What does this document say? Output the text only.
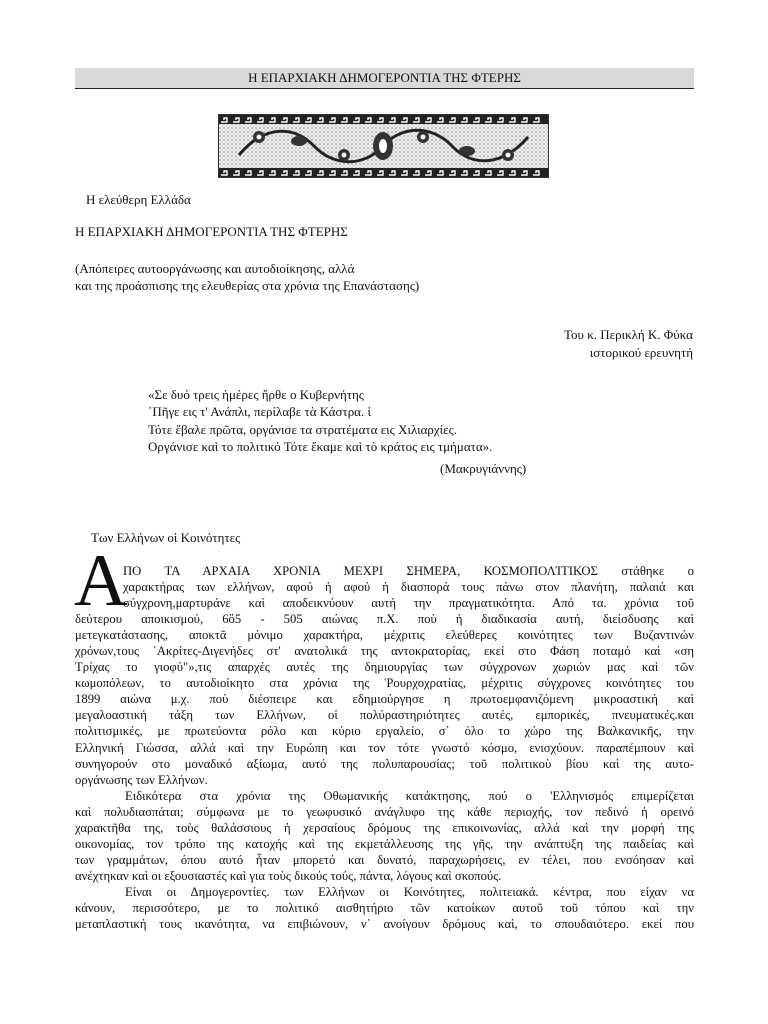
Η ΕΠΑΡΧΙΑΚΗ ΔΗΜΟΓΕΡΟΝΤΙΑ ΤΗΣ ΦΤΕΡΗΣ
Η ελεύθερη Ελλάδα
Η ΕΠΑΡΧΙΑΚΗ ΔΗΜΟΓΕΡΟΝΤΙΑ ΤΗΣ ΦΤΕΡΗΣ
(Απόπειρες αυτοοργάνωσης και αυτοδιοίκησης, αλλά
και της προάσπισης της ελευθερίας στα χρόνια της Επανάστασης)
Του κ. Περικλή Κ. Φύκα
ιστορικού ερευνητή
«Σε δυό τρεις ἡμέρες ἤρθε ο Κυβερνήτης
᾽Πῆγε εις τ' Ανάπλι, περίλαβε τὰ Κάστρα. ἱ
Τότε ἔβαλε πρῶτα, οργάνισε τα στρατέματα εις Χιλιαρχίες.
Οργάνισε καὶ το πολιτικό Τότε ἔκαμε καὶ τὸ κράτος εις τμήματα».
(Μακρυγιάννης)
Των Ελλήνων οἱ Κοινότητες
Α
ΠΟ ΤΑ ΑΡΧΑΙΑ ΧΡΟΝΙΑ ΜΕΧΡΙ ΣΗΜΕΡΑ, ΚΟΣΜΟΠΟΛΊΤΙΚΟΣ στάθηκε ο
χαρακτήρας των ελλήνων, αφού ἡ αφού ἡ διασπορά τους πάνω στον πλανήτη, παλαιά και
σύγχρονη,μαρτυράνε καὶ αποδεικνύουν αυτή την πραγματικότητα. Από τα. χρόνια τοῦ
δεύτερου αποικισμού, 6ὃ5 - 505 αιώνας π.Χ. ποὺ ἡ διαδικασία αυτή, διείσδυσης καὶ
μετεγκατάστασης, αποκτᾶ μόνιμο χαρακτήρα, μέχριτις ελεύθερες κοινότητες των Βυζαντινών
χρόνων,τους ᾽Ακρίτες-Διγενήδες στ' ανατολικά της αντοκρατορίας, εκεί στο Φάση ποταμό καὶ «ση
Τρίχας το γιοφύ"»,τις απαρχές αυτές της δημιουργίας των σύγχρονων χωριών μας καὶ τῶν
κωμοπόλεων, το αυτοδιοίκητο στα χρόνια της Ῥουρχοχρατίας, μέχριτις σύγχρονες κοινότητες του
1899 αιώνα μ.χ. ποὺ διέσπειρε και εδημιούργησε η πρωτοεμφανιζόμενη μικροαστική καὶ
μεγαλοαστική τάξη των Ελλήνων, οἱ πολύραστηριότητες αυτές, εμπορικές, πνευματικές.και
πολιτισμικές, με πρωτεύοντα ρόλο και κύριο εργαλείο, σ᾽ όλο το χώρο της Βαλκανικῆς, την
Ελληνική Γιώσσα, αλλά καὶ την Ευρώπη και τον τότε γνωστό κόσμο, ενισχύουν. παραπέμπουν καὶ
συνηγορούν στο μοναδικό αξίωμα, αυτό της πολυπαρουσίας; τοῦ πολιτικοὺ βίου καὶ της αυτο-
οργάνωσης των Ελλήνων.
Ειδικότερα στα χρόνια της Οθωμανικής κατάκτησης, πού ο 'Ελληνισμός επιμερίζεται
καὶ πολυδιασπάται; σύμφωνα με το γεωφυσικό ανάγλυφο της κάθε περιοχής, τον πεδινό ἡ ορεινό
χαρακτῆθα της, τοὺς θαλάσσιους ἡ χερσαίους δρόμους της επικοινωνίας, αλλά καὶ την μορφή της
οικονομίας, τον τρόπο της κατοχής καὶ της εκμετάλλευσης της γῆς, την ανάπτυξη της παιδείας καὶ
των γραμμάτων, όπου αυτό ἦταν μπορετό και δυνατό, παραχωρήσεις, εν τέλει, που ενσόησαν καὶ
ανέχτηκαν καὶ οι εξουσιαστές καὶ για τοὺς δικούς τούς, πάντα, λόγους καὶ σκοπούς.
Είναι οι Δημογεροντίες. των Ελλήνων οι Κοινότητες, πολιτειακά. κέντρα, που είχαν να
κάνουν, περισσότερο, με το πολιτικό αισθητήριο τῶν κατοίκων αυτοῦ τοῦ τόπου καὶ την
μεταπλαστική τους ικανότητα, να επιβιώνουν, ν᾽ ανοίγουν δρόμους καὶ, το σπουδαιότερο. εκεί που
